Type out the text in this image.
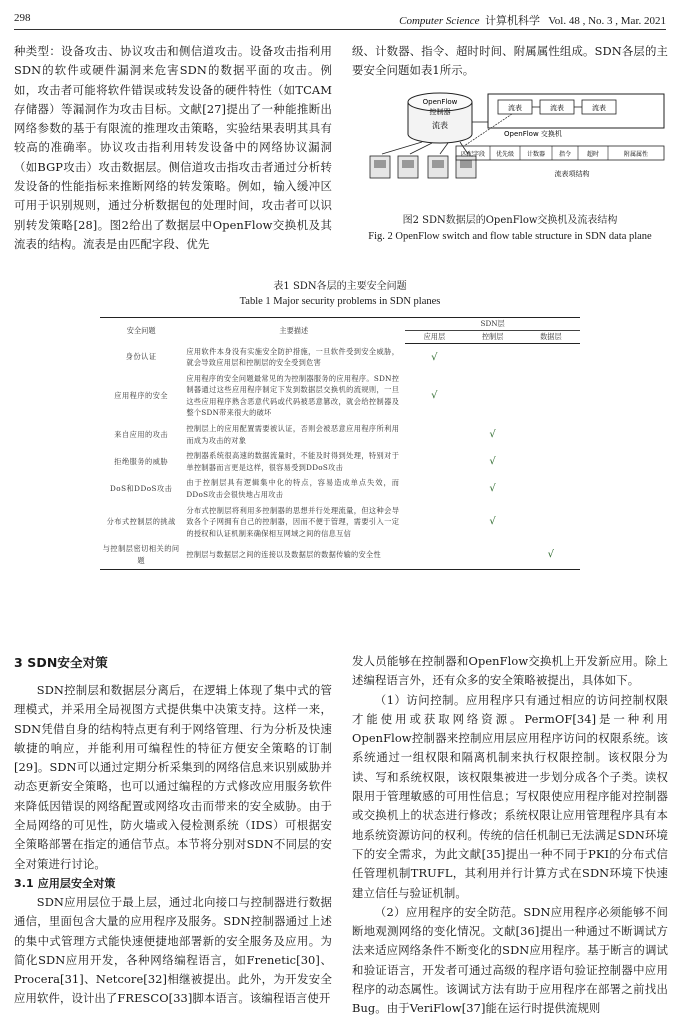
298	Computer Science 计算机科学 Vol. 48 , No. 3 , Mar. 2021

种类型：设备攻击、协议攻击和侧信道攻击。设备攻击指利用SDN的软件或硬件漏洞来危害SDN的数据平面的攻击。例如，攻击者可能将软件错误或转发设备的硬件特性（如TCAM存储器）等漏洞作为攻击目标。文献[27]提出了一种能推断出网络参数的基于有限流的推理攻击策略，实验结果表明其具有较高的准确率。协议攻击指利用转发设备中的网络协议漏洞（如BGP攻击）攻击数据层。侧信道攻击指攻击者通过分析转发设备的性能指标来推断网络的转发策略。例如，输入缓冲区可用于识别规则，通过分析数据包的处理时间，攻击者可以识别转发策略[28]。图2给出了数据层中OpenFlow交换机及其流表的结构。流表是由匹配字段、优先

级、计数器、指令、超时时间、附属属性组成。SDN各层的主要安全问题如表1所示。

OpenFlow
控制器
流表
OpenFlow 交换机
流表	流表	流表
匹配字段 优先级 计数器 指令	超时	附属属性
流表项结构
图2 SDN数据层的OpenFlow交换机及流表结构
Fig. 2 OpenFlow switch and flow table structure in SDN data plane
表1 SDN各层的主要安全问题
Table 1 Major security problems in SDN planes
安全问题	主要描述	SDN层		
		应用层	控制层	数据层
身份认证	应用软件本身没有实施安全防护措施，一旦软件受到安全威胁，就会导致应用层和控制层的安全受到危害	√		
应用程序的安全	应用程序的安全问题最常见的为控制器服务的应用程序。SDN控制器通过这些应用程序制定下发到数据层交换机的流规则，一旦这些应用程序熟含恶意代码或代码被恶意篡改，就会给控制器及整个SDN带来很大的破坏	√		
来自应用的攻击	控制层上的应用配置需要被认证，否则会被恶意应用程序所利用而成为攻击的对象		√	
拒绝服务的威胁	控制器系统很高速的数据流量时，不能及时得到处理，特别对于单控制器而言更是这样，很容易受到DDoS攻击		√	
DoS和DDoS攻击	由于控制层具有逻辑集中化的特点，容易造成单点失效，而DDoS攻击会很快地占用攻击		√	
分布式控制层的挑战	分布式控制层将利用多控制器的思想并行处理流量，但这种会导致各个子网拥有自己的控制器，因而不便于管理，需要引入一定的授权和认证机制来确保相互网域之间的信息互信		√	
与控制层密切相关的问题	控制层与数据层之间的连接以及数据层的数据传输的安全性			√
3 SDN安全对策

SDN控制层和数据层分离后，在逻辑上体现了集中式的管理模式，并采用全局视图方式提供集中决策支持。这样一来，SDN凭借自身的结构特点更有利于网络管理、行为分析及快速敏捷的响应，并能利用可编程性的特征方便安全策略的订制[29]。SDN可以通过定期分析采集到的网络信息来识别威胁并动态更新安全策略，也可以通过编程的方式修改应用服务软件来降低因错误的网络配置或网络攻击而带来的安全威胁。由于全局网络的可见性，防火墙或入侵检测系统（IDS）可根据安全策略部署在指定的通信节点。本节将分别对SDN不同层的安全对策进行讨论。

3.1 应用层安全对策

SDN应用层位于最上层，通过北向接口与控制器进行数据通信，里面包含大量的应用程序及服务。SDN控制器通过上述的集中式管理方式能快速便捷地部署新的安全服务及应用。为简化SDN应用开发，各种网络编程语言，如Frenetic[30]、Procera[31]、Netcore[32]相继被提出。此外，为开发安全应用软件，设计出了FRESCO[33]脚本语言。该编程语言使开

发人员能够在控制器和OpenFlow交换机上开发新应用。除上述编程语言外，还有众多的安全策略被提出，具体如下。

（1）访问控制。应用程序只有通过相应的访问控制权限才能使用或获取网络资源。PermOF[34]是一种利用OpenFlow控制器来控制应用层应用程序访问的权限系统。该系统通过一组权限和隔离机制来执行权限控制。该权限分为读、写和系统权限，该权限集被进一步划分成各个子类。读权限用于管理敏感的可用性信息；写权限使应用程序能对控制器或交换机上的状态进行修改；系统权限让应用管理程序具有本地系统资源访问的权利。传统的信任机制已无法满足SDN环境下的安全需求，为此文献[35]提出一种不同于PKI的分布式信任管理机制TRUFL，其利用并行计算方式在SDN环境下快速建立信任与验证机制。

（2）应用程序的安全防范。SDN应用程序必须能够不间断地观测网络的变化情况。文献[36]提出一种通过不断调试方法来适应网络条件不断变化的SDN应用程序。基于断言的调试和验证语言，开发者可通过高级的程序语句验证控制器中应用程序的动态属性。该调试方法有助于应用程序在部署之前找出Bug。由于VeriFlow[37]能在运行时提供流规则
